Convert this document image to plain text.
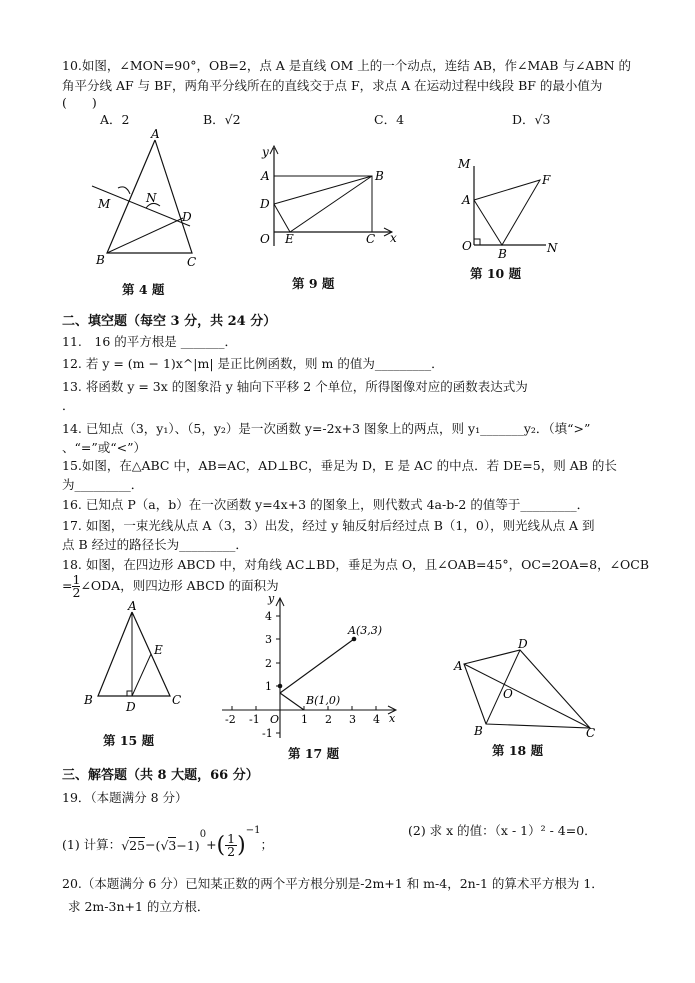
10.如图，∠MON=90°，OB=2，点 A 是直线 OM 上的一个动点，连结 AB，作∠MAB 与∠ABN 的
角平分线 AF 与 BF，两角平分线所在的直线交于点 F，求点 A 在运动过程中线段 BF 的最小值为
(　　)
A．2	B．√2	C．4	D．√3
A
M	N
D
B	C
第 4 题
y
A	B
D
O E	C x
第 9 题
M
F
A
O
B	N
第 10 题
二、填空题（每空 3 分，共 24 分）
11.　16 的平方根是 _______．
12. 若 y = (m − 1)x^|m| 是正比例函数，则 m 的值为_________．
13. 将函数 y = 3x 的图象沿 y 轴向下平移 2 个单位，所得图像对应的函数表达式为
．
14. 已知点（3，y₁）、（5，y₂）是一次函数 y=-2x+3 图象上的两点，则 y₁_______y₂．（填“>”
、“=”或“<”）
15.如图，在△ABC 中，AB=AC，AD⊥BC，垂足为 D，E 是 AC 的中点．若 DE=5，则 AB 的长
为_________．
16. 已知点 P（a，b）在一次函数 y=4x+3 的图象上，则代数式 4a-b-2 的值等于_________．
17. 如图，一束光线从点 A（3，3）出发，经过 y 轴反射后经过点 B（1，0），则光线从点 A 到
点 B 经过的路径长为_________．
18. 如图，在四边形 ABCD 中，对角线 AC⊥BD，垂足为点 O，且∠OAB=45°，OC=2OA=8，∠OCB
= $\frac{1}{2}$ ∠ODA，则四边形 ABCD 的面积为
A
E
B	D	C
第 15 题
y
x
4
3
2
1
-1
-2 -1 O 1 2 3 4
A(3,3)
B(1,0)
第 17 题
A
D
O
B	C
第 18 题
三、解答题（共 8 大题，66 分）
19．（本题满分 8 分）
(1) 计算：$√25-(√3-1)^0+( \frac{1}{2} )^{-1}$；
(2) 求 x 的值：（x - 1）² - 4=0．
20.（本题满分 6 分）已知某正数的两个平方根分别是-2m+1 和 m-4，2n-1 的算术平方根为 1．
求 2m-3n+1 的立方根．
